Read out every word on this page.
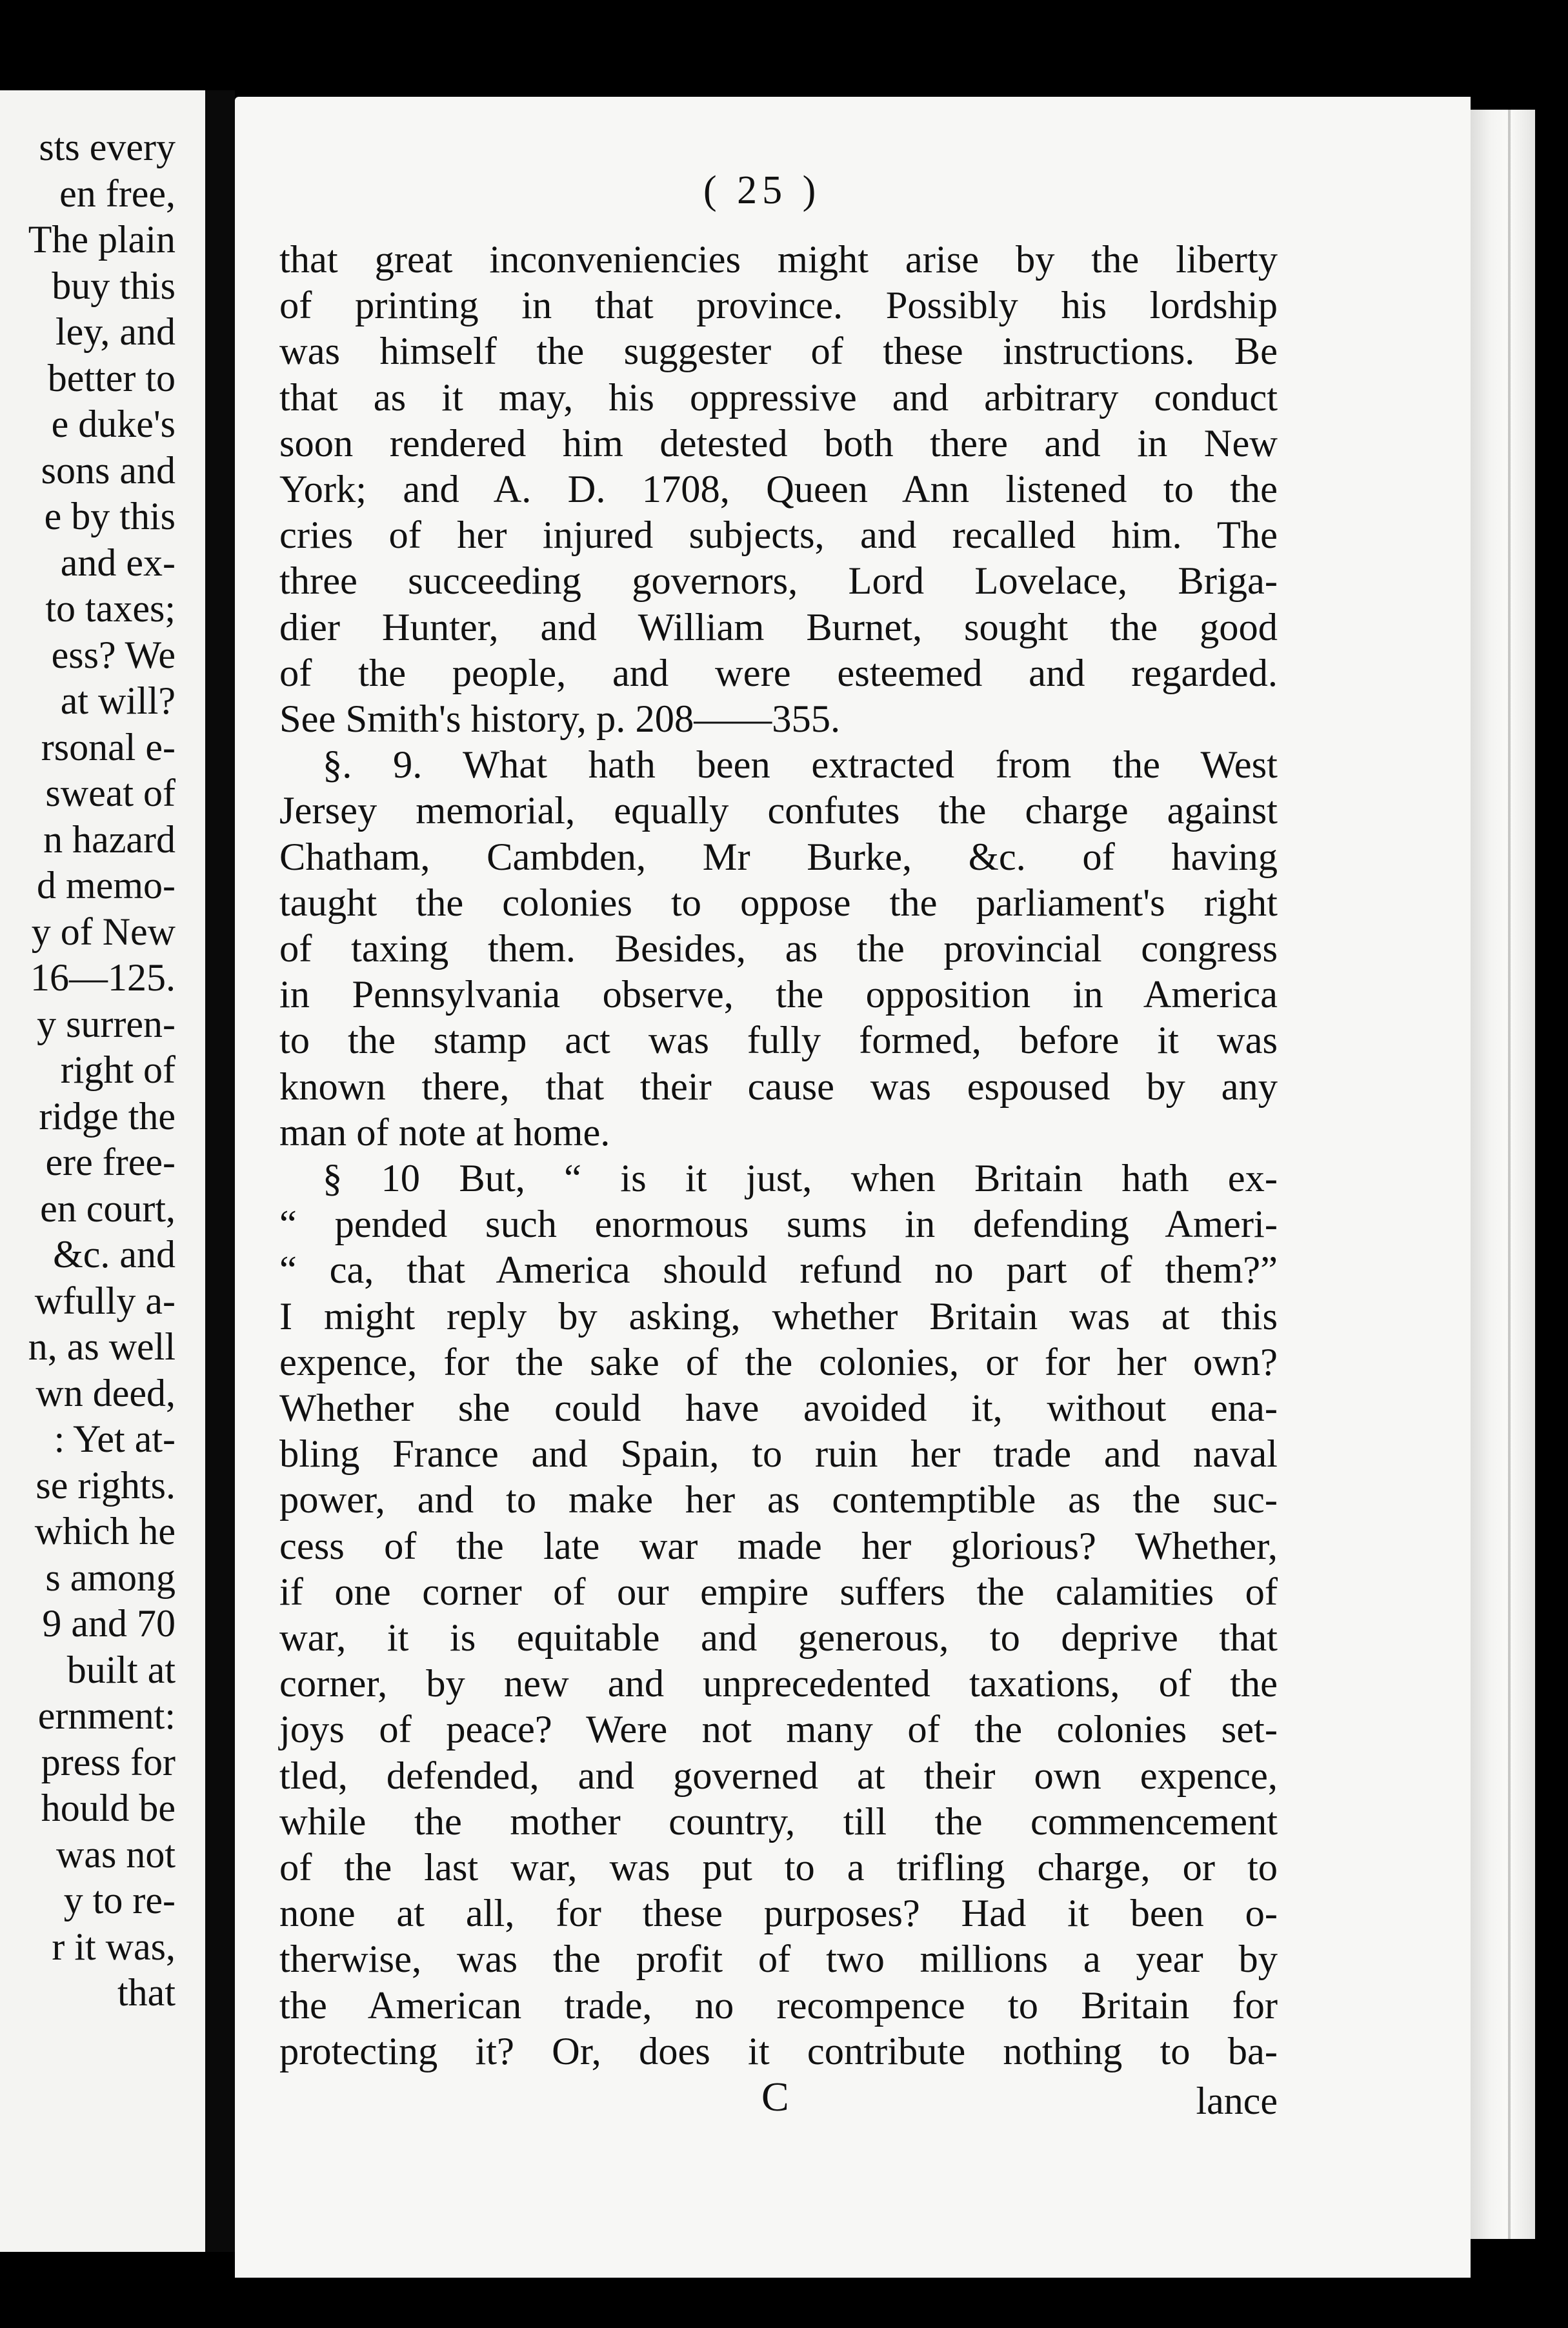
sts every
en free,
The plain
buy this
ley, and
better to
e duke's
sons and
e by this
and ex-
to taxes;
ess? We
at will?
rsonal e-
sweat of
n hazard
d memo-
y of New
16—125.
y surren-
right of
ridge the
ere free-
en court,
&c. and
wfully a-
n, as well
wn deed,
: Yet at-
se rights.
which he
s among
9 and 70
built at
ernment:
press for
hould be
was not
y to re-
r it was,
that
( 25 )
that great inconveniencies might arise by the liberty
of printing in that province. Possibly his lordship
was himself the suggester of these instructions. Be
that as it may, his oppressive and arbitrary conduct
soon rendered him detested both there and in New
York; and A. D. 1708, Queen Ann listened to the
cries of her injured subjects, and recalled him. The
three succeeding governors, Lord Lovelace, Briga-
dier Hunter, and William Burnet, sought the good
of the people, and were esteemed and regarded.
See Smith's history, p. 208——355.
§. 9. What hath been extracted from the West
Jersey memorial, equally confutes the charge against
Chatham, Cambden, Mr Burke, &c. of having
taught the colonies to oppose the parliament's right
of taxing them. Besides, as the provincial congress
in Pennsylvania observe, the opposition in America
to the stamp act was fully formed, before it was
known there, that their cause was espoused by any
man of note at home.
§ 10 But, “ is it just, when Britain hath ex-
“ pended such enormous sums in defending Ameri-
“ ca, that America should refund no part of them?”
I might reply by asking, whether Britain was at this
expence, for the sake of the colonies, or for her own?
Whether she could have avoided it, without ena-
bling France and Spain, to ruin her trade and naval
power, and to make her as contemptible as the suc-
cess of the late war made her glorious? Whether,
if one corner of our empire suffers the calamities of
war, it is equitable and generous, to deprive that
corner, by new and unprecedented taxations, of the
joys of peace? Were not many of the colonies set-
tled, defended, and governed at their own expence,
while the mother country, till the commencement
of the last war, was put to a trifling charge, or to
none at all, for these purposes? Had it been o-
therwise, was the profit of two millions a year by
the American trade, no recompence to Britain for
protecting it? Or, does it contribute nothing to ba-
C	lance
